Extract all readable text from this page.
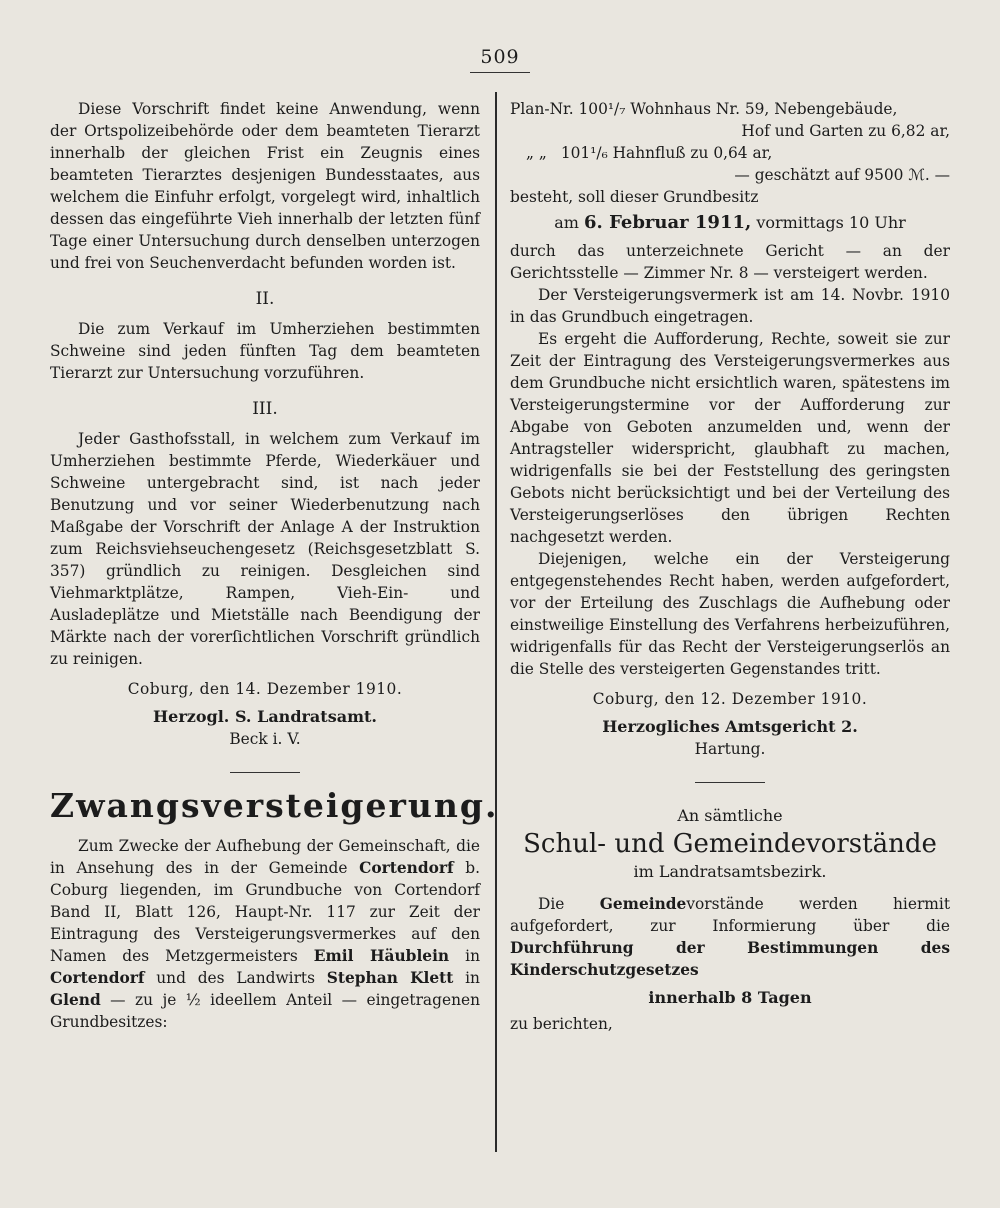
509

Diese Vorschrift findet keine Anwendung, wenn der Ortspolizeibehörde oder dem beamteten Tierarzt innerhalb der gleichen Frist ein Zeugnis eines beamteten Tierarztes desjenigen Bundesstaates, aus welchem die Einfuhr erfolgt, vorgelegt wird, inhaltlich dessen das eingeführte Vieh innerhalb der letzten fünf Tage einer Untersuchung durch denselben unterzogen und frei von Seuchenverdacht befunden worden ist.

II.

Die zum Verkauf im Umherziehen bestimmten Schweine sind jeden fünften Tag dem beamteten Tierarzt zur Untersuchung vorzuführen.

III.

Jeder Gasthofsstall, in welchem zum Verkauf im Umherziehen bestimmte Pferde, Wiederkäuer und Schweine untergebracht sind, ist nach jeder Benutzung und vor seiner Wiederbenutzung nach Maßgabe der Vorschrift der Anlage A der Instruktion zum Reichsviehseuchengesetz (Reichsgesetzblatt S. 357) gründlich zu reinigen. Desgleichen sind Viehmarktplätze, Rampen, Vieh-Ein- und Ausladeplätze und Mietställe nach Beendigung der Märkte nach der vorerſichtlichen Vorschrift gründlich zu reinigen.

Coburg, den 14. Dezember 1910.
Herzogl. S. Landratsamt.
Beck i. V.
Zwangsversteigerung.

Zum Zwecke der Aufhebung der Gemeinschaft, die in Ansehung des in der Gemeinde Cortendorf b. Coburg liegenden, im Grundbuche von Cortendorf Band II, Blatt 126, Haupt-Nr. 117 zur Zeit der Eintragung des Versteigerungsvermerkes auf den Namen des Metzgermeisters Emil Häublein in Cortendorf und des Landwirts Stephan Klett in Glend — zu je ½ ideellem Anteil — eingetragenen Grundbesitzes:

Plan-Nr. 100¹/₇ Wohnhaus Nr. 59, Nebengebäude,
Hof und Garten zu 6,82 ar,
„ „ 101¹/₆ Hahnfluß zu 0,64 ar,
— geschätzt auf 9500 ℳ. —

besteht, soll dieser Grundbesitz

am 6. Februar 1911, vormittags 10 Uhr

durch das unterzeichnete Gericht — an der Gerichtsstelle — Zimmer Nr. 8 — versteigert werden.

Der Versteigerungsvermerk ist am 14. Novbr. 1910 in das Grundbuch eingetragen.

Es ergeht die Aufforderung, Rechte, soweit sie zur Zeit der Eintragung des Versteigerungsvermerkes aus dem Grundbuche nicht ersichtlich waren, spätestens im Versteigerungstermine vor der Aufforderung zur Abgabe von Geboten anzumelden und, wenn der Antragsteller widerspricht, glaubhaft zu machen, widrigenfalls sie bei der Feststellung des geringsten Gebots nicht berücksichtigt und bei der Verteilung des Versteigerungserlöses den übrigen Rechten nachgesetzt werden.

Diejenigen, welche ein der Versteigerung entgegenstehendes Recht haben, werden aufgefordert, vor der Erteilung des Zuschlags die Aufhebung oder einstweilige Einstellung des Verfahrens herbeizuführen, widrigenfalls für das Recht der Versteigerungserlös an die Stelle des versteigerten Gegenstandes tritt.

Coburg, den 12. Dezember 1910.
Herzogliches Amtsgericht 2.
Hartung.
An sämtliche
Schul- und Gemeindevorstände
im Landratsamtsbezirk.

Die Gemeindevorstände werden hiermit aufgefordert, zur Informierung über die Durchführung der Bestimmungen des Kinderschutzgesetzes

innerhalb 8 Tagen

zu berichten,
